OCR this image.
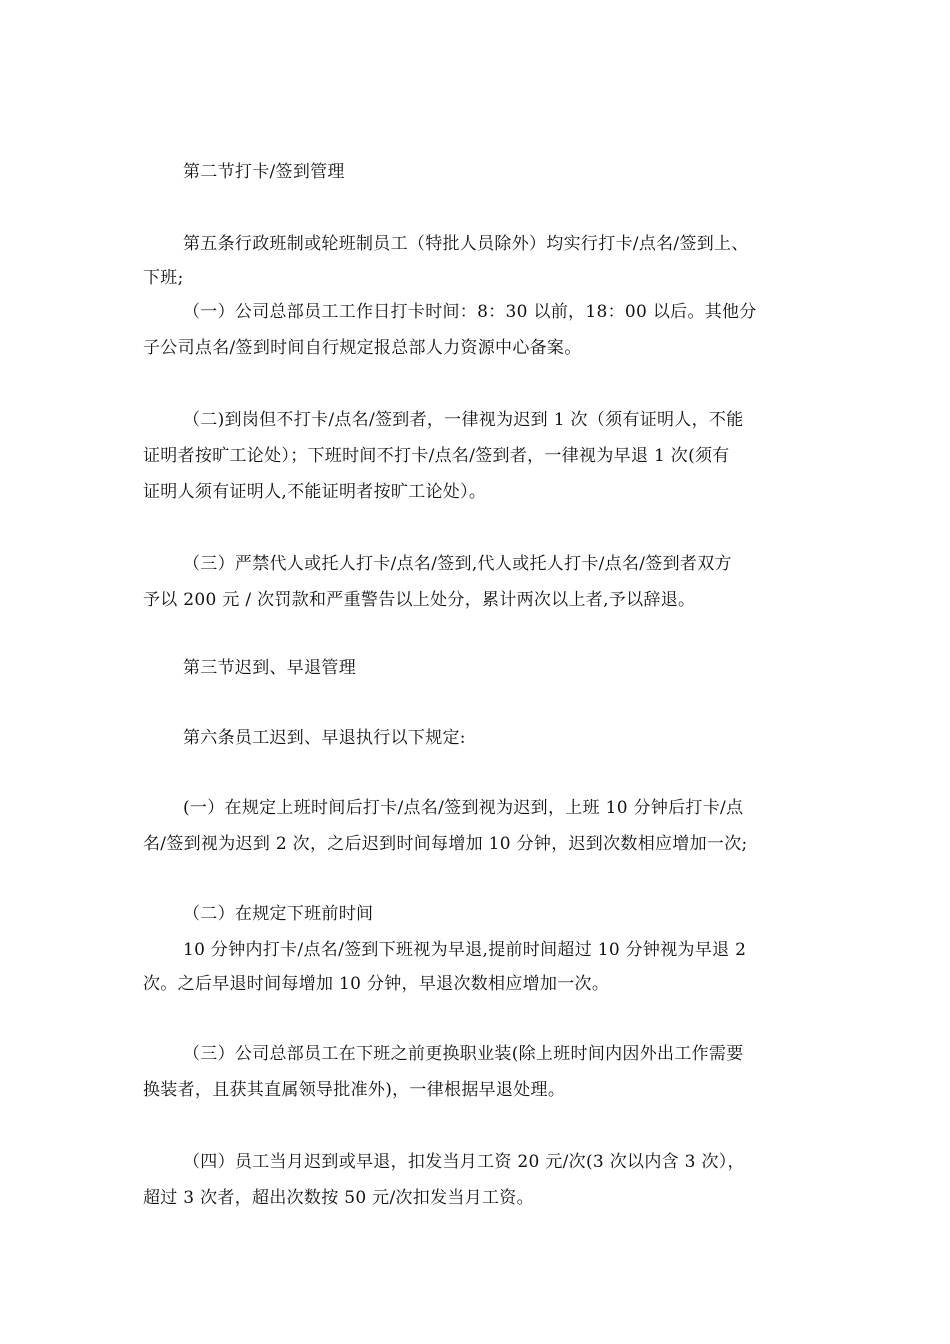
第二节打卡/签到管理
第五条行政班制或轮班制员工（特批人员除外）均实行打卡/点名/签到上、
下班;
（一）公司总部员工工作日打卡时间：8：30 以前，18：00 以后。其他分
子公司点名/签到时间自行规定报总部人力资源中心备案。
（二)到岗但不打卡/点名/签到者，一律视为迟到 1 次（须有证明人，不能
证明者按旷工论处）；下班时间不打卡/点名/签到者，一律视为早退 1 次(须有
证明人须有证明人,不能证明者按旷工论处）。
（三）严禁代人或托人打卡/点名/签到,代人或托人打卡/点名/签到者双方
予以 200 元 / 次罚款和严重警告以上处分，累计两次以上者,予以辞退。
第三节迟到、早退管理
第六条员工迟到、早退执行以下规定:
(一）在规定上班时间后打卡/点名/签到视为迟到，上班 10 分钟后打卡/点
名/签到视为迟到 2 次，之后迟到时间每增加 10 分钟，迟到次数相应增加一次;
（二）在规定下班前时间
10 分钟内打卡/点名/签到下班视为早退,提前时间超过 10 分钟视为早退 2
次。之后早退时间每增加 10 分钟，早退次数相应增加一次。
（三）公司总部员工在下班之前更换职业装(除上班时间内因外出工作需要
换装者，且获其直属领导批准外)，一律根据早退处理。
（四）员工当月迟到或早退，扣发当月工资 20 元/次(3 次以内含 3 次），
超过 3 次者，超出次数按 50 元/次扣发当月工资。
